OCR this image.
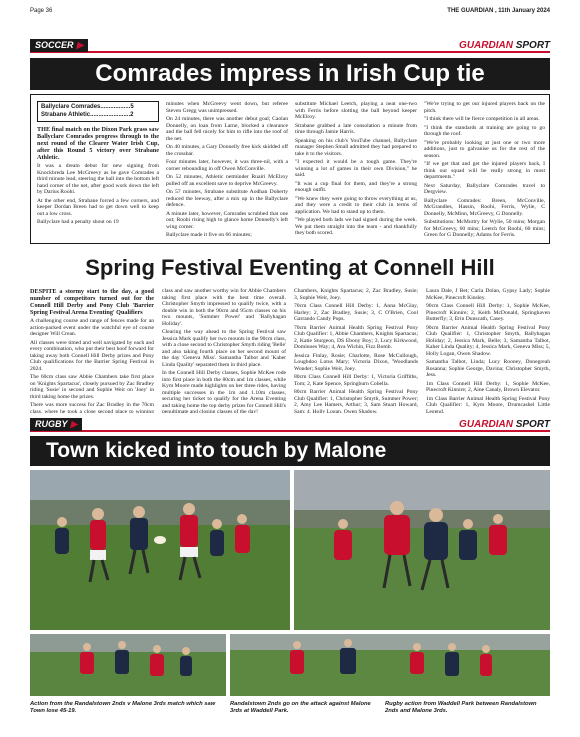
Page 36	THE GUARDIAN , 11th January 2024
SOCCER ▶	GUARDIAN SPORT
Comrades impress in Irish Cup tie
Ballyclare Comrades..................5
Strabane Athletic........................2

THE final match on the Dixon Park grass saw Ballyclare Comrades progress through to the next round of the Clearer Water Irish Cup, after this Round 5 victory over Strabane Athletic.

It was a dream debut for new signing from Knockbreda Lee McGreevy as he gave Comrades a third minute lead, steering the ball into the bottom left hand corner of the net, after good work down the left by Darius Roohi.

At the other end, Strabane forced a few corners, and keeper Dordan Breen had to get down well to keep out a low cross.

Ballyclare had a penalty shout on 19

minutes when McGreevy went down, but referee Steven Gregg was unimpressed.

On 24 minutes, there was another debut goal; Caolan Donnelly, on loan from Larne, blocked a clearance and the ball fell nicely for him to rifle into the roof of the net.

On 40 minutes, a Gary Donnelly free kick skidded off the crossbar.

Four minutes later, however, it was three-nil, with a corner rebounding in off Owen McConville.

On 52 minutes, Athletic netminder Ruairi McElroy pulled off an excellent save to deprive McGreevy.

On 57 minutes, Strabane substitute Aodhan Doherty reduced the leeway, after a mix up in the Ballyclare defence.

A minute later, however, Comrades scrubbed that one out; Roohi rising high to glance home Donnelly's left wing corner.

Ballyclare made it five on 66 minutes;

substitute Michael Leetch, playing a neat one-two with Ferris before slotting the ball beyond keeper McElroy.

Strabane grabbed a late consolation a minute from time through Jamie Harris.

Speaking on his club's YouTube channel, Ballyclare manager Stephen Small admitted they had prepared to take it to the visitors.

"I expected it would be a tough game. They're winning a lot of games in their own Division," he said.

"It was a cup final for them, and they're a strong enough outfit.

"We knew they were going to throw everything at us, and they were a credit to their club in terms of application. We had to stand up to them.

"We played both lads we had signed during the week. We put them straight into the team - and thankfully they both scored.

"We're trying to get our injured players back on the pitch.

"I think there will be fierce competition in all areas.

"I think the standards at training are going to go through the roof.

"We're probably looking at just one or two more additions, just to galvanise us for the rest of the season.

"If we get that and get the injured players back, I think our squad will be really strong in most departments."

Next Saturday, Ballyclare Comrades travel to Dergview.

Ballyclare Comrades: Breen, McConville, McGrandles, Hassin, Roohi, Ferris, Wylie, C Donnelly, McMinn, McGreevy, G Donnelly.

Substitutions: McMurtry for Wylie, 50 mins; Morgan for McGreevy, 60 mins; Leetch for Roohi, 60 mins; Green for G Donnelly; Adams for Ferris.

Spring Festival Eventing at Connell Hill

DESPITE a stormy start to the day, a good number of competitors turned out for the Connell Hill Derby and Pony Club 'Barrier Spring Festival Arena Eventing' Qualifiers

A challenging course and range of fences made for an action-packed event under the watchful eye of course designer Will Crean.

All classes were timed and well navigated by each and every combination, who put their best hoof forward for taking away both Connell Hill Derby prizes and Pony Club qualifications for the Barrier Spring Festival in 2024.

The 60cm class saw Abbie Chambers take first place on 'Knights Spartacus', closely pursued by Zac Bradley riding 'Susie' in second and Sophie Weir on 'Joey' in third taking home the prizes.

There was more success for Zac Bradley in the 70cm class, where he took a close second place to winning

class and saw another worthy win for Abbie Chambers taking first place with the best time overall. Christopher Smyth impressed to qualify twice, with a double win in both the 90cm and 95cm classes on his two mounts, 'Summer Power' and 'Ballyhagan Holiday'.

Clearing the way ahead to the Spring Festival saw Jessica Mark qualify her two mounts in the 90cm class, with a close second to Christopher Smyth riding 'Belle' and also taking fourth place on her second mount of the day 'Geneva Miss'. Samantha Talbot and 'Kaher Linda Quality' separated them in third place.

In the Connell Hill Derby classes, Sophie McKee rode into first place in both the 80cm and 1m classes, while Kym Moore made highlights on her three rides, having multiple successes in the 1m and 1.10m classes, securing her ticket to qualify for the Arena Eventing and taking home the top derby prizes for Connell Hill's penultimate and closing classes of the day!

Chambers, Knights Spartacus; 2, Zac Bradley, Susie; 3, Sophie Weir, Joey.

70cm Class Connell Hill Derby: 1, Anna McGlay, Harley; 2, Zac Bradley, Susie; 3, C O'Brien, Cool Garrando Candy Pops.

70cm Barrier Animal Health Spring Festival Pony Club Qualifier: 1, Abbie Chambers, Knights Spartacus; 2, Katie Sturgeon, DS Ebony Boy; 3, Lucy Kirkwood, Dominoes Way; 4, Ava Wichin, Fizz Bomb.

Jessica Finlay, Rosie; Charlotte, Rose McCullough, Loughdoo Lotus Mary; Victoria Dixon, 'Woodlands Wonder; Sophie Weir, Joey.

80cm Class Connell Hill Derby: 1, Victoria Griffiths, Tom; 2, Kate Spence, Springburn Cobella.

80cm Barrier Animal Health Spring Festival Pony Club Qualifier: 1, Christopher Smyth, Summer Power; 2, Amy Lee Hamers, Arthur; 3, Sam Stuart Howard, Sam; 4, Holly Logan, Owen Shadow.

Laura Dale, J Bet; Carla Dolan, Gypsy Lady; Sophie McKee, Pinecroft Kinsley.

90cm Class Connell Hill Derby: 1, Sophie McKee, Pinecroft Kinnire; 2, Keith McDonald, Springhaven Butterfly; 3, Erin Dunscath, Casey.

90cm Barrier Animal Health Spring Festival Pony Club Qualifier: 1, Christopher Smyth, Ballyhagan Holiday; 2, Jessica Mark, Belle; 3, Samantha Talbot, Kaher Linda Quality; 4, Jessica Mark, Geneva Miss; 5, Holly Logan, Owen Shadow.

Samantha Talbot, Linda; Lucy Rooney, Donegreah Rosanna; Sophie George, Davina; Christopher Smyth, Jess.

1m Class Connell Hill Derby: 1, Sophie McKee, Pinecroft Kinnire; 2, Aine Canaly, Brown Elevator.

1m Class Barrier Animal Health Spring Festival Pony Club Qualifier: 1, Kym Moore, Drumcashel Little Legend.

RUGBY ▶	GUARDIAN SPORT
Town kicked into touch by Malone
Action from the Randalstown 2nds v Malone 3rds match which saw Town lose 45-19.
Randalstown 2nds go on the attack against Malone 3rds at Waddell Park.
Rugby action from Waddell Park between Randalstown 2nds and Malone 3rds.
